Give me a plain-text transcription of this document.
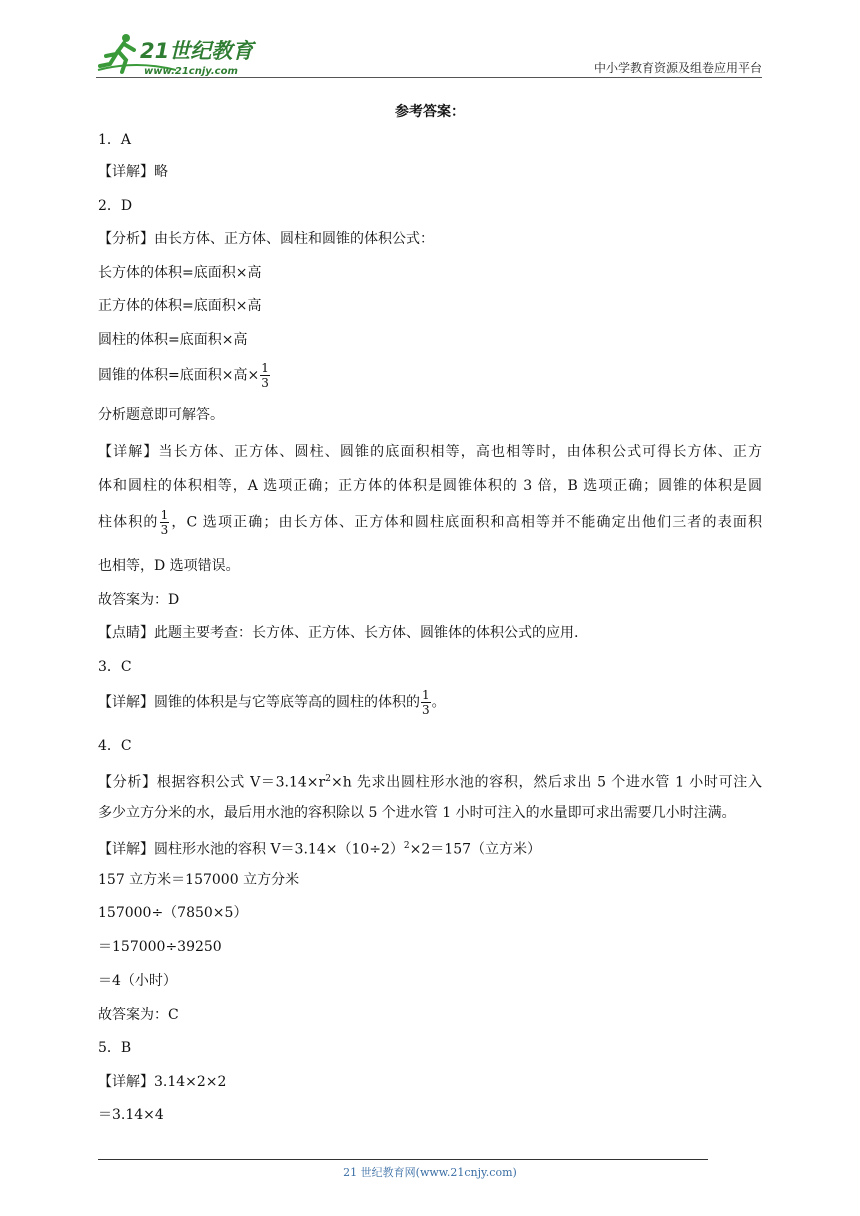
21世纪教育
www.21cnjy.com	中小学教育资源及组卷应用平台
参考答案：
1．A
【详解】略
2．D
【分析】由长方体、正方体、圆柱和圆锥的体积公式：
长方体的体积=底面积×高
正方体的体积=底面积×高
圆柱的体积=底面积×高
圆锥的体积=底面积×高× $\frac{1}{3}$
分析题意即可解答。
【详解】当长方体、正方体、圆柱、圆锥的底面积相等，高也相等时，由体积公式可得长方体、正方
体和圆柱的体积相等，A 选项正确；正方体的体积是圆锥体积的 3 倍，B 选项正确；圆锥的体积是圆
柱体积的 $\frac{1}{3}$ ，C 选项正确；由长方体、正方体和圆柱底面积和高相等并不能确定出他们三者的表面积
也相等，D 选项错误。
故答案为：D
【点睛】此题主要考查：长方体、正方体、长方体、圆锥体的体积公式的应用.
3．C
【详解】圆锥的体积是与它等底等高的圆柱的体积的 $\frac{1}{3}$ 。
4．C
【分析】根据容积公式 $V=3.14\times r^2\times h$ 先求出圆柱形水池的容积，然后求出 5 个进水管 1 小时可注入
多少立方分米的水，最后用水池的容积除以 5 个进水管 1 小时可注入的水量即可求出需要几小时注满。
【详解】圆柱形水池的容积 $V=3.14\times(10\div 2)^2\times 2=157$（立方米）
157 立方米＝157000 立方分米
157000÷（7850×5）
＝157000÷39250
＝4（小时）
故答案为：C
5．B
【详解】3.14×2×2
＝3.14×4
21 世纪教育网(www.21cnjy.com)
